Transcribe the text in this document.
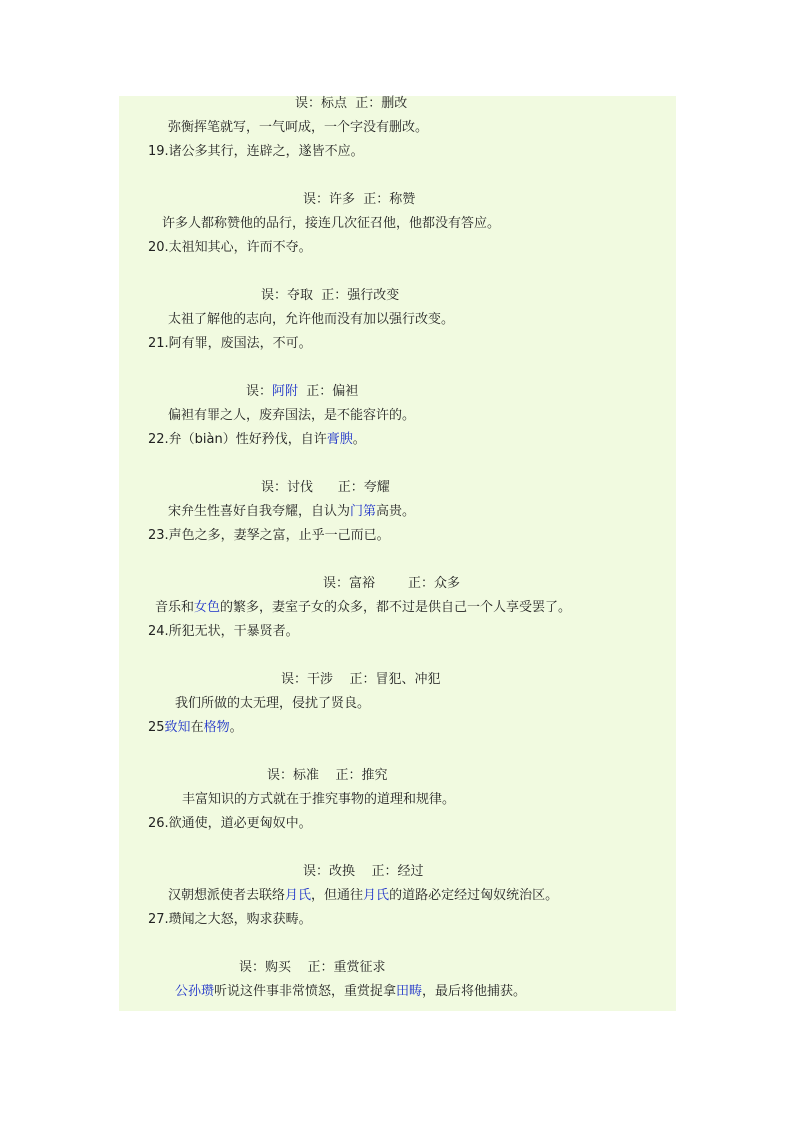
误：标点  正：删改
弥衡挥笔就写，一气呵成，一个字没有删改。
19.诸公多其行，连辟之，遂皆不应。
误：许多  正：称赞
许多人都称赞他的品行，接连几次征召他，他都没有答应。
20.太祖知其心，许而不夺。
误：夺取  正：强行改变
太祖了解他的志向，允许他而没有加以强行改变。
21.阿有罪，废国法，不可。
误：阿附  正：偏袒
偏袒有罪之人，废弃国法，是不能容许的。
22.弁（biàn）性好矜伐，自许膏腴。
误：讨伐      正：夸耀
宋弁生性喜好自我夸耀，自认为门第高贵。
23.声色之多，妻孥之富，止乎一己而已。
误：富裕        正：众多
音乐和女色的繁多，妻室子女的众多，都不过是供自己一个人享受罢了。
24.所犯无状，干暴贤者。
误：干涉    正：冒犯、冲犯
我们所做的太无理，侵扰了贤良。
25致知在格物。
误：标准    正：推究
丰富知识的方式就在于推究事物的道理和规律。
26.欲通使，道必更匈奴中。
误：改换    正：经过
汉朝想派使者去联络月氏，但通往月氏的道路必定经过匈奴统治区。
27.瓒闻之大怒，购求获畴。
误：购买    正：重赏征求
公孙瓒听说这件事非常愤怒，重赏捉拿田畴，最后将他捕获。
